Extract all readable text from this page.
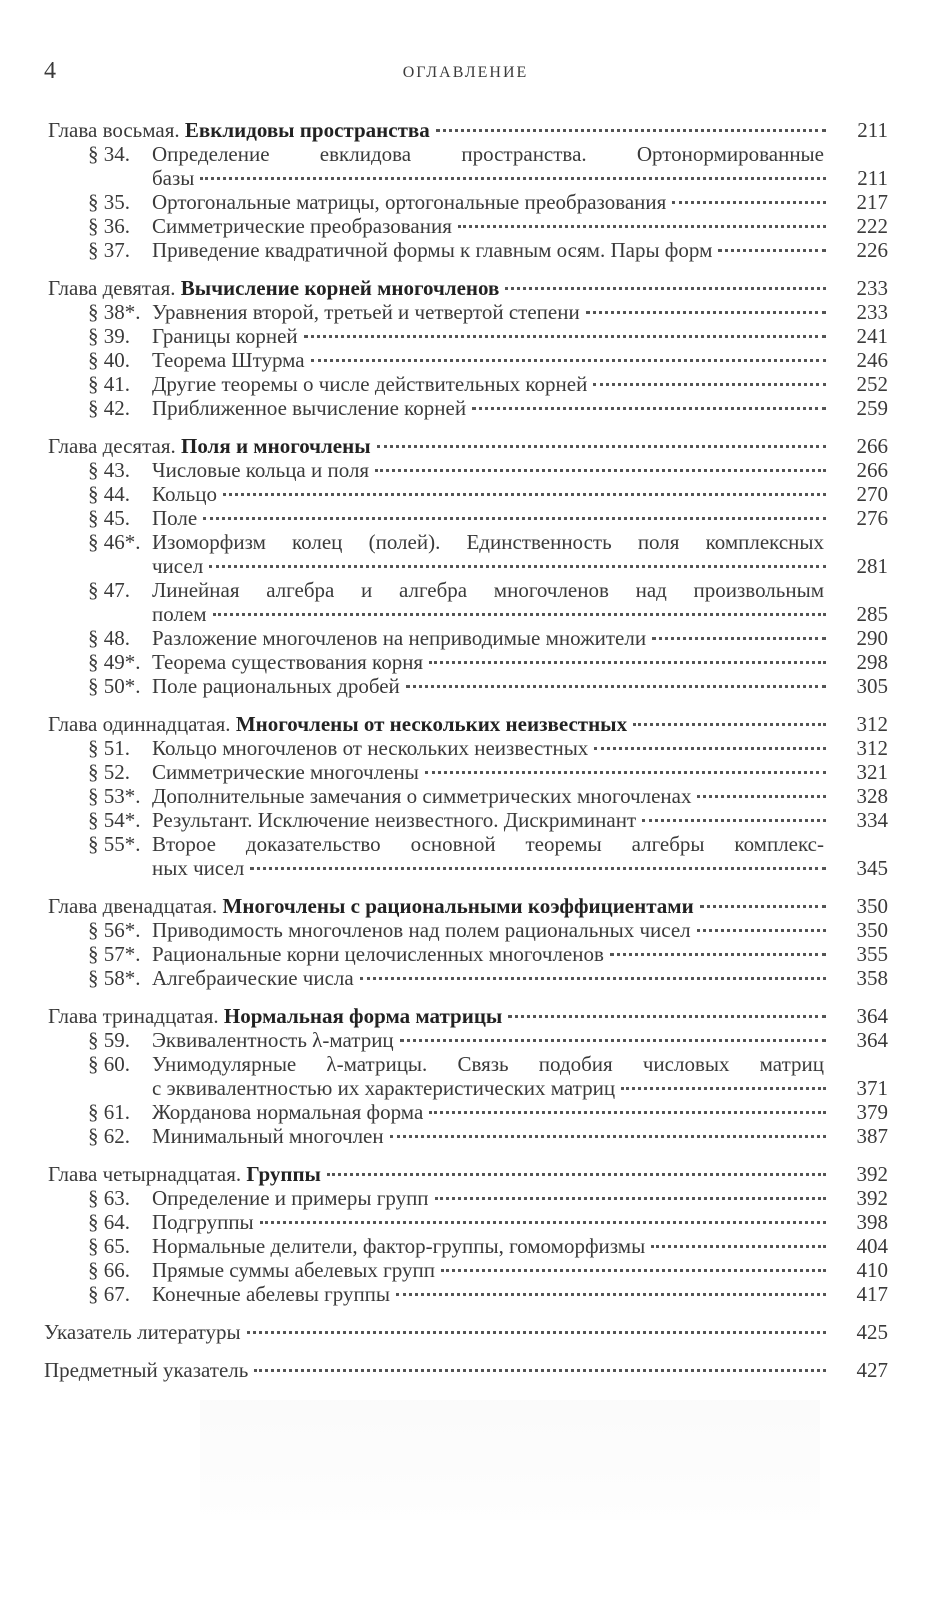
4	ОГЛАВЛЕНИЕ
Глава восьмая. Евклидовы пространства	211
§ 34.	Определение евклидова пространства. Ортонормированные
базы	211
§ 35.	Ортогональные матрицы, ортогональные преобразования	217
§ 36.	Симметрические преобразования	222
§ 37.	Приведение квадратичной формы к главным осям. Пары форм	226
Глава девятая. Вычисление корней многочленов	233
§ 38*. Уравнения второй, третьей и четвертой степени	233
§ 39.	Границы корней	241
§ 40.	Теорема Штурма	246
§ 41.	Другие теоремы о числе действительных корней	252
§ 42.	Приближенное вычисление корней	259
Глава десятая. Поля и многочлены	266
§ 43.	Числовые кольца и поля	266
§ 44.	Кольцо	270
§ 45.	Поле	276
§ 46*. Изоморфизм колец (полей). Единственность поля комплексных
чисел	281
§ 47.	Линейная алгебра и алгебра многочленов над произвольным
полем	285
§ 48.	Разложение многочленов на неприводимые множители	290
§ 49*. Теорема существования корня	298
§ 50*. Поле рациональных дробей	305
Глава одиннадцатая. Многочлены от нескольких неизвестных	312
§ 51.	Кольцо многочленов от нескольких неизвестных	312
§ 52.	Симметрические многочлены	321
§ 53*. Дополнительные замечания о симметрических многочленах	328
§ 54*. Результант. Исключение неизвестного. Дискриминант	334
§ 55*. Второе доказательство основной теоремы алгебры комплекс-
ных чисел	345
Глава двенадцатая. Многочлены с рациональными коэффициентами	350
§ 56*. Приводимость многочленов над полем рациональных чисел	350
§ 57*. Рациональные корни целочисленных многочленов	355
§ 58*. Алгебраические числа	358
Глава тринадцатая. Нормальная форма матрицы	364
§ 59.	Эквивалентность λ-матриц	364
§ 60.	Унимодулярные λ-матрицы. Связь подобия числовых матриц
с эквивалентностью их характеристических матриц	371
§ 61.	Жорданова нормальная форма	379
§ 62.	Минимальный многочлен	387
Глава четырнадцатая. Группы	392
§ 63.	Определение и примеры групп	392
§ 64.	Подгруппы	398
§ 65.	Нормальные делители, фактор-группы, гомоморфизмы	404
§ 66.	Прямые суммы абелевых групп	410
§ 67.	Конечные абелевы группы	417
Указатель литературы	425
Предметный указатель	427
